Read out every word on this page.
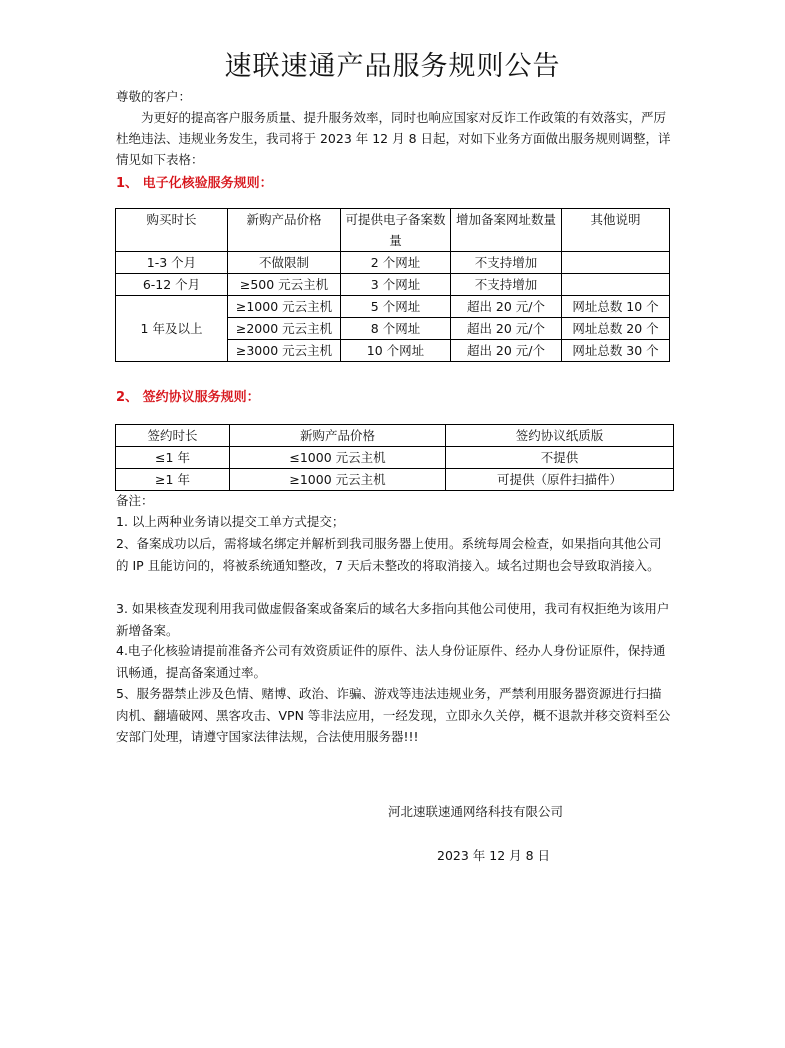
速联速通产品服务规则公告
尊敬的客户：
为更好的提高客户服务质量、提升服务效率，同时也响应国家对反诈工作政策的有效落实，严厉杜绝违法、违规业务发生，我司将于 2023 年 12 月 8 日起，对如下业务方面做出服务规则调整，详情见如下表格：
1、 电子化核验服务规则：
购买时长	新购产品价格	可提供电子备案数量	增加备案网址数量	其他说明
1-3 个月	不做限制	2 个网址	不支持增加	
6-12 个月	≥500 元云主机	3 个网址	不支持增加	
1 年及以上	≥1000 元云主机	5 个网址	超出 20 元/个	网址总数 10 个
	≥2000 元云主机	8 个网址	超出 20 元/个	网址总数 20 个
	≥3000 元云主机	10 个网址	超出 20 元/个	网址总数 30 个
2、 签约协议服务规则：
签约时长	新购产品价格	签约协议纸质版
≤1 年	≤1000 元云主机	不提供
≥1 年	≥1000 元云主机	可提供（原件扫描件）
备注：
1. 以上两种业务请以提交工单方式提交；
2、备案成功以后，需将域名绑定并解析到我司服务器上使用。系统每周会检查，如果指向其他公司的 IP 且能访问的，将被系统通知整改，7 天后未整改的将取消接入。域名过期也会导致取消接入。
3. 如果核查发现利用我司做虚假备案或备案后的域名大多指向其他公司使用，我司有权拒绝为该用户新增备案。
4.电子化核验请提前准备齐公司有效资质证件的原件、法人身份证原件、经办人身份证原件，保持通讯畅通，提高备案通过率。
5、服务器禁止涉及色情、赌博、政治、诈骗、游戏等违法违规业务，严禁利用服务器资源进行扫描肉机、翻墙破网、黑客攻击、VPN 等非法应用，一经发现，立即永久关停，概不退款并移交资料至公安部门处理，请遵守国家法律法规，合法使用服务器!!!
河北速联速通网络科技有限公司
2023 年 12 月 8 日
